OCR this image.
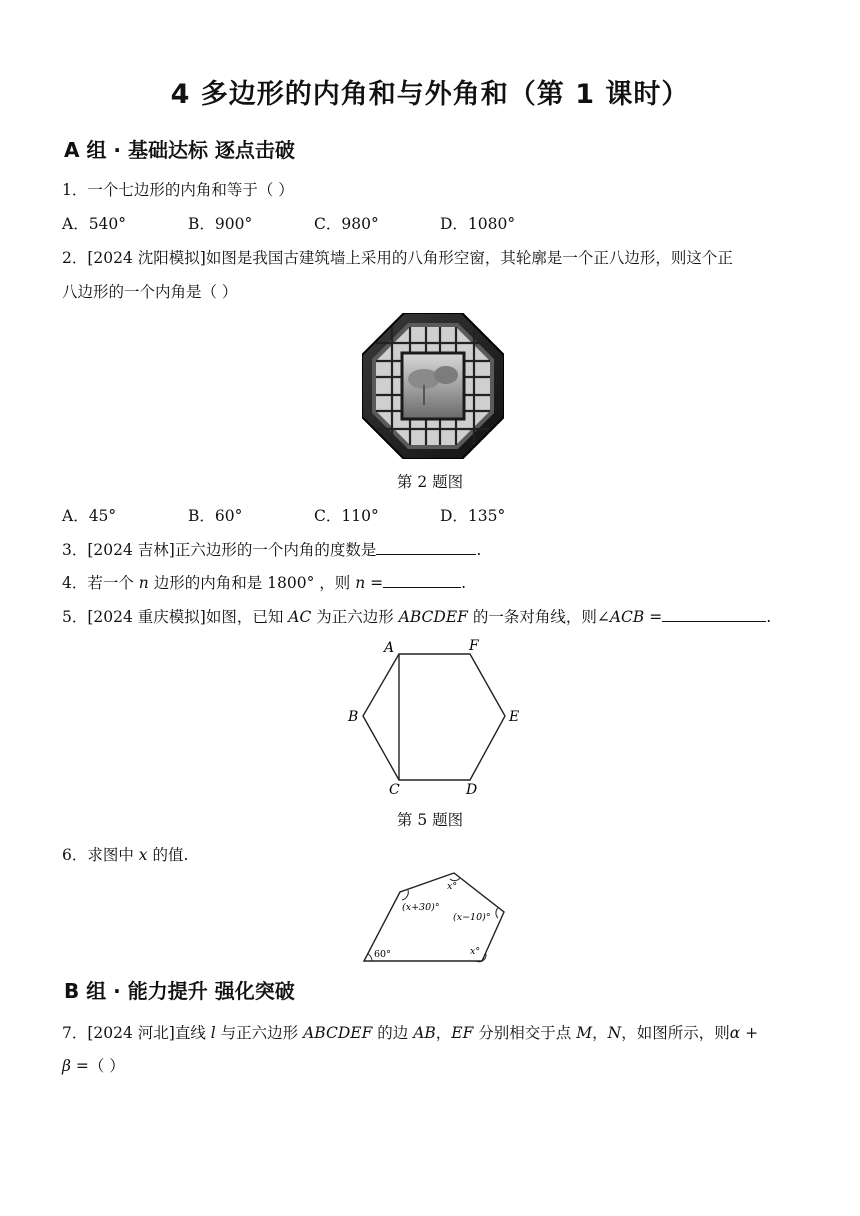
4 多边形的内角和与外角和（第 1 课时）
A 组 · 基础达标 逐点击破
1．一个七边形的内角和等于（ ）
A．540°	B．900°	C．980°	D．1080°
2．[2024 沈阳模拟]如图是我国古建筑墙上采用的八角形空窗，其轮廓是一个正八边形，则这个正
八边形的一个内角是（ ）
第 2 题图
A．45°	B．60°	C．110°	D．135°
3．[2024 吉林]正六边形的一个内角的度数是	.
4．若一个 n 边形的内角和是 1800° ，则 n =	.
5．[2024 重庆模拟]如图，已知 AC 为正六边形 ABCDEF 的一条对角线，则∠ACB =	.
A
B
C	D
E
F
第 5 题图
6．求图中 x 的值.
x°
(x+30)°
(x−10)°
60°	x°
B 组 · 能力提升 强化突破
7．[2024 河北]直线 l 与正六边形 ABCDEF 的边 AB，EF 分别相交于点 M，N，如图所示，则α +
β =（ ）
